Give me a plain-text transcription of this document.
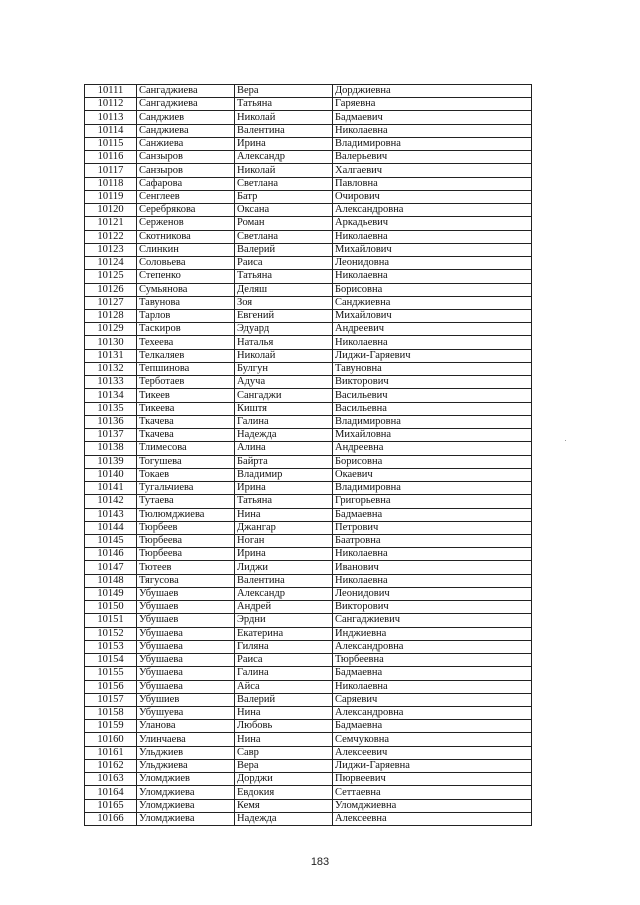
10111	Сангаджиева	Вера	Дорджиевна
10112	Сангаджиева	Татьяна	Гаряевна
10113	Санджиев	Николай	Бадмаевич
10114	Санджиева	Валентина	Николаевна
10115	Санжиева	Ирина	Владимировна
10116	Санзыров	Александр	Валерьевич
10117	Санзыров	Николай	Халгаевич
10118	Сафарова	Светлана	Павловна
10119	Сенглеев	Батр	Очирович
10120	Серебрякова	Оксана	Александровна
10121	Серженов	Роман	Аркадьевич
10122	Скотникова	Светлана	Николаевна
10123	Слинкин	Валерий	Михайлович
10124	Соловьева	Раиса	Леонидовна
10125	Степенко	Татьяна	Николаевна
10126	Сумьянова	Деляш	Борисовна
10127	Тавунова	Зоя	Санджиевна
10128	Тарлов	Евгений	Михайлович
10129	Таскиров	Эдуард	Андреевич
10130	Техеева	Наталья	Николаевна
10131	Телкаляев	Николай	Лиджи-Гаряевич
10132	Тепшинова	Булгун	Тавуновна
10133	Терботаев	Адуча	Викторович
10134	Тикеев	Сангаджи	Васильевич
10135	Тикеева	Киштя	Васильевна
10136	Ткачева	Галина	Владимировна
10137	Ткачева	Надежда	Михайловна
10138	Тлимесова	Алина	Андреевна
10139	Тогушева	Байрта	Борисовна
10140	Токаев	Владимир	Окаевич
10141	Тугальчиева	Ирина	Владимировна
10142	Тутаева	Татьяна	Григорьевна
10143	Тюлюмджиева	Нина	Бадмаевна
10144	Тюрбеев	Джангар	Петрович
10145	Тюрбеева	Ноган	Баатровна
10146	Тюрбеева	Ирина	Николаевна
10147	Тютеев	Лиджи	Иванович
10148	Тягусова	Валентина	Николаевна
10149	Убушаев	Александр	Леонидович
10150	Убушаев	Андрей	Викторович
10151	Убушаев	Эрдни	Сангаджиевич
10152	Убушаева	Екатерина	Инджиевна
10153	Убушаева	Гиляна	Александровна
10154	Убушаева	Раиса	Тюрбеевна
10155	Убушаева	Галина	Бадмаевна
10156	Убушаева	Айса	Николаевна
10157	Убушиев	Валерий	Саряевич
10158	Убушуева	Нина	Александровна
10159	Уланова	Любовь	Бадмаевна
10160	Улинчаева	Нина	Семчуковна
10161	Ульджиев	Савр	Алексеевич
10162	Ульджиева	Вера	Лиджи-Гаряевна
10163	Уломджиев	Дорджи	Пюрвеевич
10164	Уломджиева	Евдокия	Сеттаевна
10165	Уломджиева	Кемя	Уломджиевна
10166	Уломджиева	Надежда	Алексеевна
183
